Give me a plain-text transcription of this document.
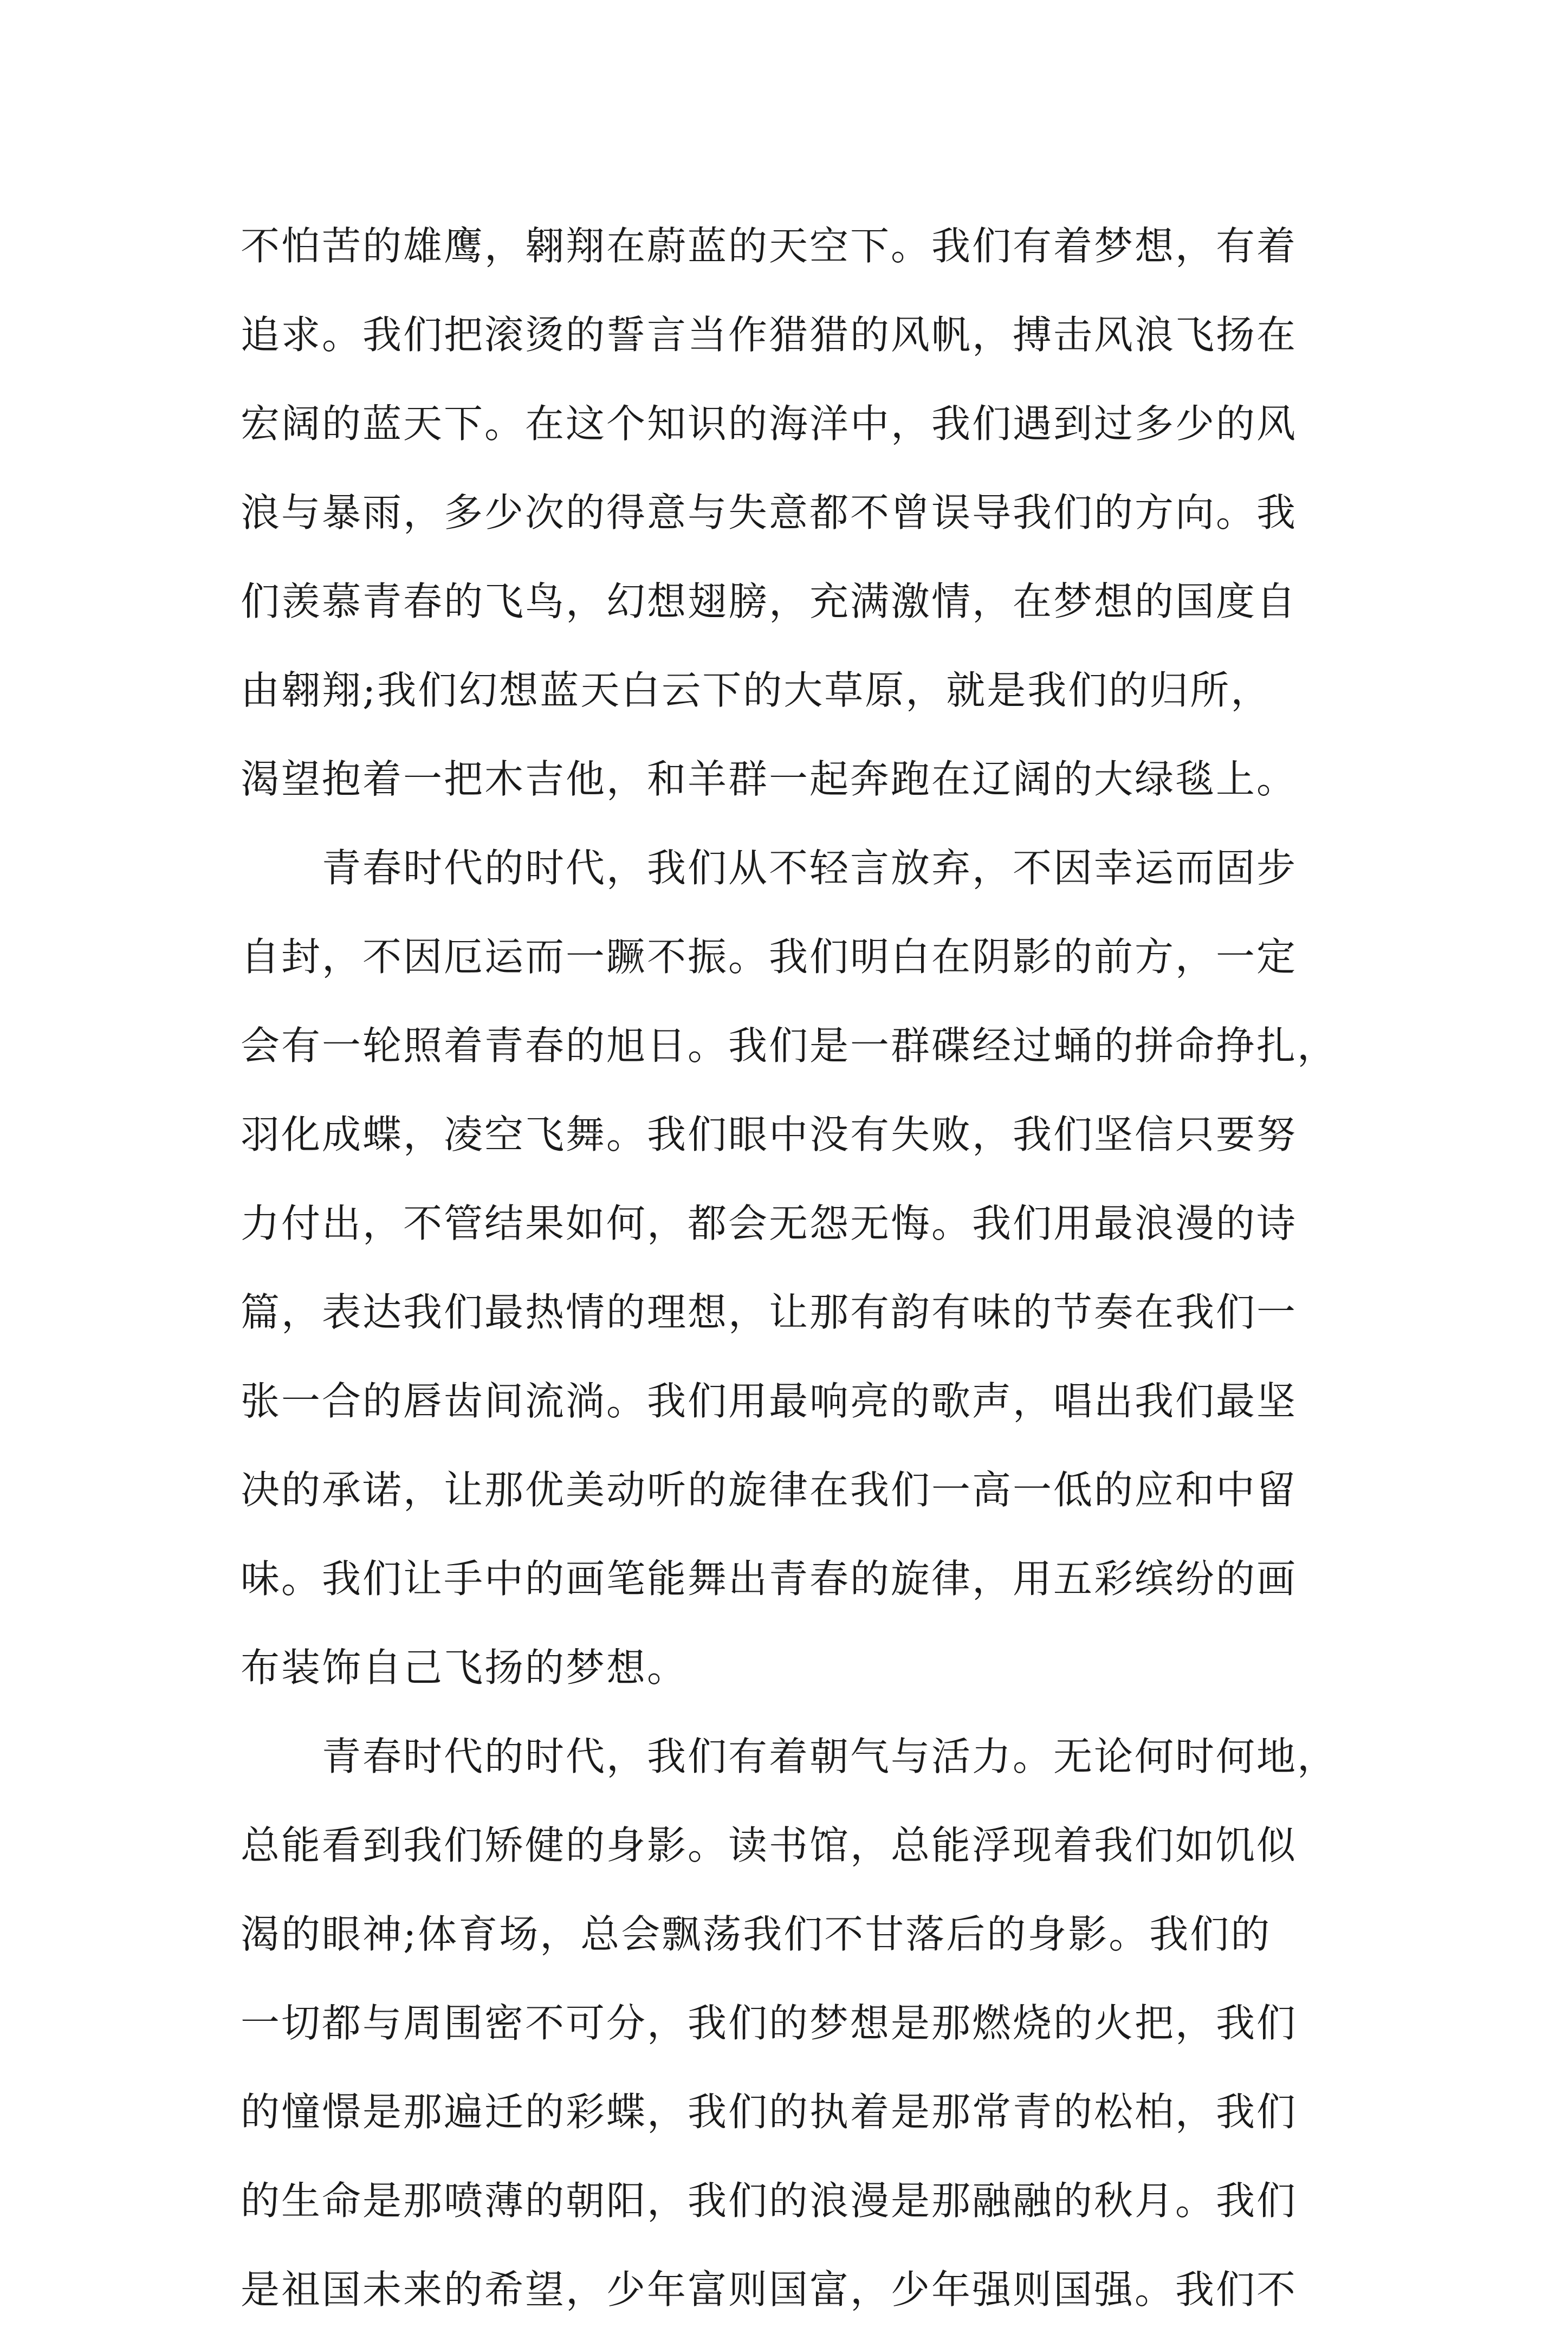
不怕苦的雄鹰，翱翔在蔚蓝的天空下。我们有着梦想，有着
追求。我们把滚烫的誓言当作猎猎的风帆，搏击风浪飞扬在
宏阔的蓝天下。在这个知识的海洋中，我们遇到过多少的风
浪与暴雨，多少次的得意与失意都不曾误导我们的方向。我
们羡慕青春的飞鸟，幻想翅膀，充满激情，在梦想的国度自
由翱翔;我们幻想蓝天白云下的大草原，就是我们的归所，
渴望抱着一把木吉他，和羊群一起奔跑在辽阔的大绿毯上。
　　青春时代的时代，我们从不轻言放弃，不因幸运而固步
自封，不因厄运而一蹶不振。我们明白在阴影的前方，一定
会有一轮照着青春的旭日。我们是一群碟经过蛹的拼命挣扎，
羽化成蝶，凌空飞舞。我们眼中没有失败，我们坚信只要努
力付出，不管结果如何，都会无怨无悔。我们用最浪漫的诗
篇，表达我们最热情的理想，让那有韵有味的节奏在我们一
张一合的唇齿间流淌。我们用最响亮的歌声，唱出我们最坚
决的承诺，让那优美动听的旋律在我们一高一低的应和中留
味。我们让手中的画笔能舞出青春的旋律，用五彩缤纷的画
布装饰自己飞扬的梦想。
　　青春时代的时代，我们有着朝气与活力。无论何时何地，
总能看到我们矫健的身影。读书馆，总能浮现着我们如饥似
渴的眼神;体育场，总会飘荡我们不甘落后的身影。我们的
一切都与周围密不可分，我们的梦想是那燃烧的火把，我们
的憧憬是那遍迁的彩蝶，我们的执着是那常青的松柏，我们
的生命是那喷薄的朝阳，我们的浪漫是那融融的秋月。我们
是祖国未来的希望，少年富则国富，少年强则国强。我们不
